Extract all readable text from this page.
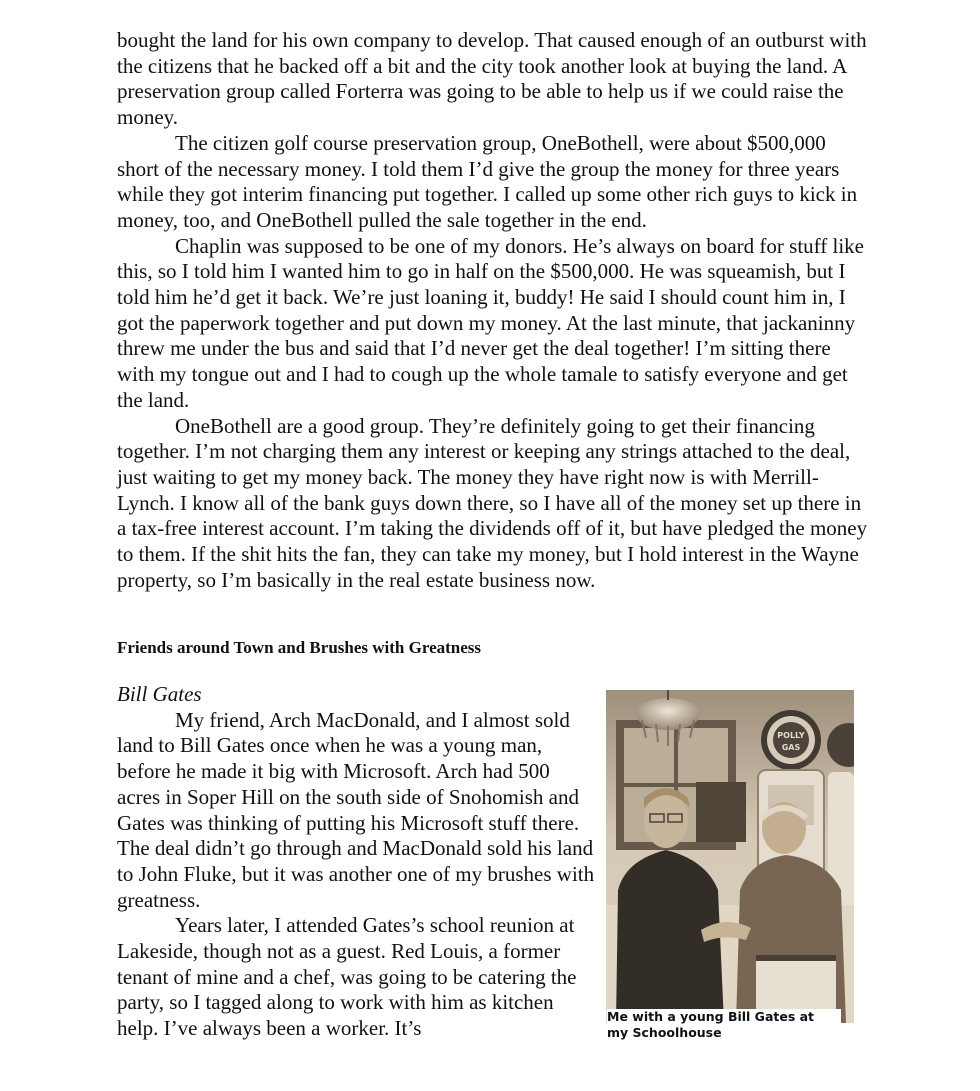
bought the land for his own company to develop. That caused enough of an outburst with the citizens that he backed off a bit and the city took another look at buying the land. A preservation group called Forterra was going to be able to help us if we could raise the money.

The citizen golf course preservation group, OneBothell, were about $500,000 short of the necessary money. I told them I’d give the group the money for three years while they got interim financing put together. I called up some other rich guys to kick in money, too, and OneBothell pulled the sale together in the end.

Chaplin was supposed to be one of my donors. He’s always on board for stuff like this, so I told him I wanted him to go in half on the $500,000. He was squeamish, but I told him he’d get it back. We’re just loaning it, buddy! He said I should count him in, I got the paperwork together and put down my money. At the last minute, that jackaninny threw me under the bus and said that I’d never get the deal together! I’m sitting there with my tongue out and I had to cough up the whole tamale to satisfy everyone and get the land.

OneBothell are a good group. They’re definitely going to get their financing together. I’m not charging them any interest or keeping any strings attached to the deal, just waiting to get my money back. The money they have right now is with Merrill-Lynch. I know all of the bank guys down there, so I have all of the money set up there in a tax-free interest account. I’m taking the dividends off of it, but have pledged the money to them. If the shit hits the fan, they can take my money, but I hold interest in the Wayne property, so I’m basically in the real estate business now.

Friends around Town and Brushes with Greatness

Bill Gates

My friend, Arch MacDonald, and I almost sold land to Bill Gates once when he was a young man, before he made it big with Microsoft. Arch had 500 acres in Soper Hill on the south side of Snohomish and Gates was thinking of putting his Microsoft stuff there. The deal didn’t go through and MacDonald sold his land to John Fluke, but it was another one of my brushes with greatness.

Years later, I attended Gates’s school reunion at Lakeside, though not as a guest. Red Louis, a former tenant of mine and a chef, was going to be catering the party, so I tagged along to work with him as kitchen help. I’ve always been a worker. It’s

POLLY
GAS

Me with a young Bill Gates at my Schoolhouse
